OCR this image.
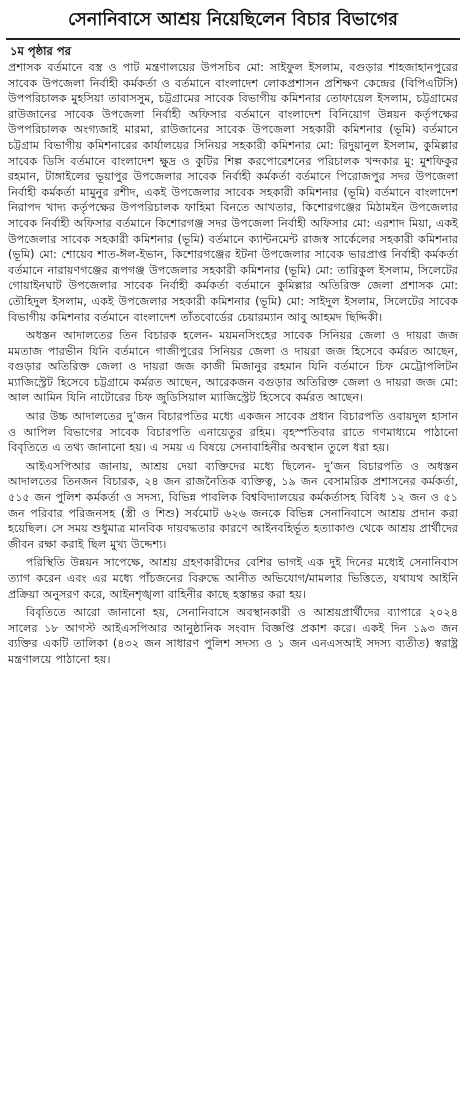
সেনানিবাসে আশ্রয় নিয়েছিলেন বিচার বিভাগের
১ম পৃষ্ঠার পর

প্রশাসক বর্তমানে বস্ত্র ও পাট মন্ত্রণালয়ের উপসচিব মো: সাইফুল ইসলাম, বগুড়ার শাহজাহানপুরের সাবেক উপজেলা নির্বাহী কর্মকর্তা ও বর্তমানে বাংলাদেশ লোকপ্রশাসন প্রশিক্ষণ কেন্দ্রের (বিপিএটিসি) উপপরিচালক মুহসিয়া তাবাসসুম, চট্টগ্রামের সাবেক বিভাগীয় কমিশনার তোফায়েল ইসলাম, চট্টগ্রামের রাউজানের সাবেক উপজেলা নির্বাহী অফিসার বর্তমানে বাংলাদেশ বিনিয়োগ উন্নয়ন কর্তৃপক্ষের উপপরিচালক অংগ্যজাই মারমা, রাউজানের সাবেক উপজেলা সহকারী কমিশনার (ভূমি) বর্তমানে চট্টগ্রাম বিভাগীয় কমিশনারের কার্যালয়ের সিনিয়র সহকারী কমিশনার মো: রিদুয়ানুল ইসলাম, কুমিল্লার সাবেক ডিসি বর্তমানে বাংলাদেশ ক্ষুদ্র ও কুটির শিল্প করপোরেশনের পরিচালক খন্দকার মু: মুশফিকুর রহমান, টাঙ্গাইলের ভূয়াপুর উপজেলার সাবেক নির্বাহী কর্মকর্তা বর্তমানে পিরোজপুর সদর উপজেলা নির্বাহী কর্মকর্তা মামুনুর রশীদ, একই উপজেলার সাবেক সহকারী কমিশনার (ভূমি) বর্তমানে বাংলাদেশ নিরাপদ খাদ্য কর্তৃপক্ষের উপপরিচালক ফাহিমা বিনতে আখতার, কিশোরগঞ্জের মিঠামইন উপজেলার সাবেক নির্বাহী অফিসার বর্তমানে কিশোরগঞ্জ সদর উপজেলা নির্বাহী অফিসার মো: এরশাদ মিয়া, একই উপজেলার সাবেক সহকারী কমিশনার (ভূমি) বর্তমানে ক্যান্টনমেন্ট রাজস্ব সার্কেলের সহকারী কমিশনার (ভূমি) মো: শোয়েব শাত-ঈল-ইভান, কিশোরগঞ্জের ইটনা উপজেলার সাবেক ভারপ্রাপ্ত নির্বাহী কর্মকর্তা বর্তমানে নারায়ণগঞ্জের রূপগঞ্জ উপজেলার সহকারী কমিশনার (ভূমি) মো: তারিকুল ইসলাম, সিলেটের গোয়াইনঘাট উপজেলার সাবেক নির্বাহী কর্মকর্তা বর্তমানে কুমিল্লার অতিরিক্ত জেলা প্রশাসক মো: তৌহিদুল ইসলাম, একই উপজেলার সহকারী কমিশনার (ভূমি) মো: সাইদুল ইসলাম, সিলেটের সাবেক বিভাগীয় কমিশনার বর্তমানে বাংলাদেশ তাঁতবোর্ডের চেয়ারম্যান আবু আহমদ ছিদ্দিকী।

অধস্তন আদালতের তিন বিচারক হলেন- ময়মনসিংহের সাবেক সিনিয়র জেলা ও দায়রা জজ মমতাজ পারভীন যিনি বর্তমানে গাজীপুরের সিনিয়র জেলা ও দায়রা জজ হিসেবে কর্মরত আছেন, বগুড়ার অতিরিক্ত জেলা ও দায়রা জজ কাজী মিজানুর রহমান যিনি বর্তমানে চিফ মেট্রোপলিটন ম্যাজিস্ট্রেট হিসেবে চট্টগ্রামে কর্মরত আছেন, আরেকজন বগুড়ার অতিরিক্ত জেলা ও দায়রা জজ মো: আল আমিন যিনি নাটোরের চিফ জুডিসিয়াল ম্যাজিস্ট্রেট হিসেবে কর্মরত আছেন।

আর উচ্চ আদালতের দু’জন বিচারপতির মধ্যে একজন সাবেক প্রধান বিচারপতি ওবায়দুল হাসান ও আপিল বিভাগের সাবেক বিচারপতি এনায়েতুর রহিম। বৃহস্পতিবার রাতে গণমাধ্যমে পাঠানো বিবৃতিতে এ তথ্য জানানো হয়। এ সময় এ বিষয়ে সেনাবাহিনীর অবস্থান তুলে ধরা হয়।

আইএসপিআর জানায়, আশ্রয় দেয়া ব্যক্তিদের মধ্যে ছিলেন- দু’জন বিচারপতি ও অধস্তন আদালতের তিনজন বিচারক, ২৪ জন রাজনৈতিক ব্যক্তিত্ব, ১৯ জন বেসামরিক প্রশাসনের কর্মকর্তা, ৫১৫ জন পুলিশ কর্মকর্তা ও সদস্য, বিভিন্ন পাবলিক বিশ্ববিদ্যালয়ের কর্মকর্তাসহ বিবিধ ১২ জন ও ৫১ জন পরিবার পরিজনসহ (স্ত্রী ও শিশু) সর্বমোট ৬২৬ জনকে বিভিন্ন সেনানিবাসে আশ্রয় প্রদান করা হয়েছিল। সে সময় শুধুমাত্র মানবিক দায়বদ্ধতার কারণে আইনবহির্ভূত হত্যাকাণ্ড থেকে আশ্রয় প্রার্থীদের জীবন রক্ষা করাই ছিল মুখ্য উদ্দেশ্য।

পরিস্থিতি উন্নয়ন সাপেক্ষে, আশ্রয় গ্রহণকারীদের বেশির ভাগই এক দুই দিনের মধ্যেই সেনানিবাস ত্যাগ করেন এবং এর মধ্যে পাঁচজনের বিরুদ্ধে আনীত অভিযোগ/মামলার ভিত্তিতে, যথাযথ আইনি প্রক্রিয়া অনুসরণ করে, আইনশৃঙ্খলা বাহিনীর কাছে হস্তান্তর করা হয়।

বিবৃতিতে আরো জানানো হয়, সেনানিবাসে অবস্থানকারী ও আশ্রয়প্রার্থীদের ব্যাপারে ২০২৪ সালের ১৮ আগস্ট আইএসপিআর আনুষ্ঠানিক সংবাদ বিজ্ঞপ্তি প্রকাশ করে। একই দিন ১৯৩ জন ব্যক্তির একটি তালিকা (৪৩২ জন সাধারণ পুলিশ সদস্য ও ১ জন এনএসআই সদস্য ব্যতীত) স্বরাষ্ট্র মন্ত্রণালয়ে পাঠানো হয়।
